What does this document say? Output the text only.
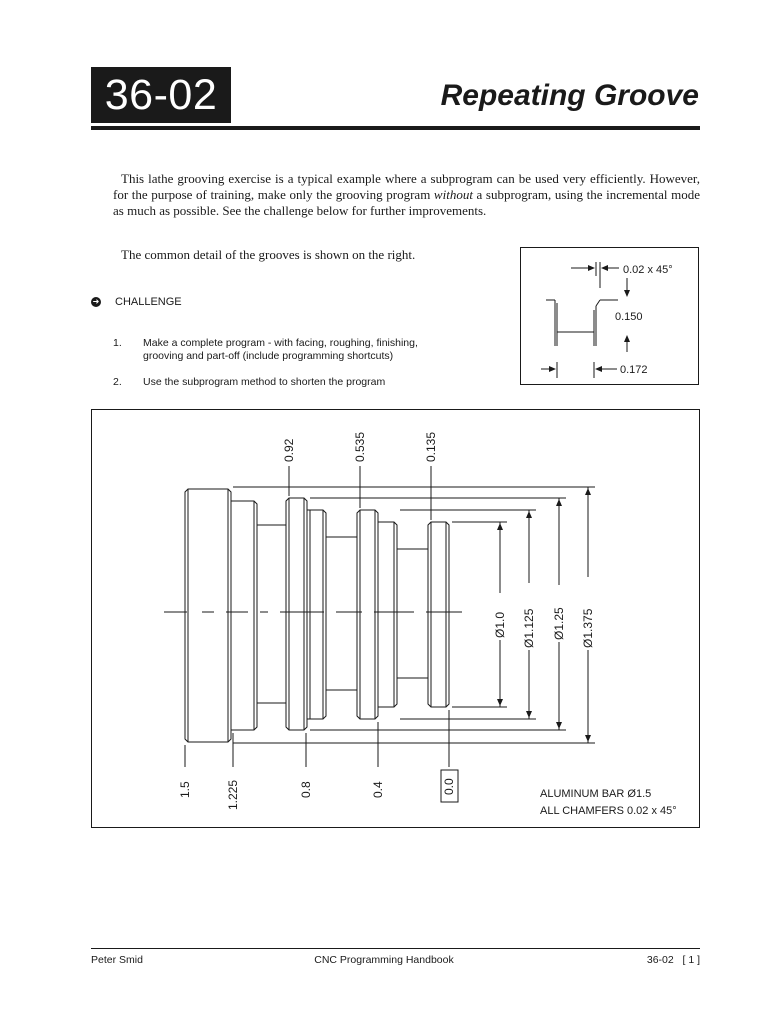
36-02	Repeating Groove
This lathe grooving exercise is a typical example where a subprogram can be used very efficiently. However, for the purpose of training, make only the grooving program without a subprogram, using the incremental mode as much as possible. See the challenge below for further improvements.
The common detail of the grooves is shown on the right.
➜ CHALLENGE
1.	Make a complete program - with facing, roughing, finishing,
grooving and part-off (include programming shortcuts)
2.	Use the subprogram method to shorten the program
0.02 x 45°
0.150
0.172
0.92	0.535	0.135
1.5	1.225	0.8	0.4	0.0
Ø1.0 Ø1.125 Ø1.25 Ø1.375
ALUMINUM BAR Ø1.5
ALL CHAMFERS 0.02 x 45°
Peter Smid	CNC Programming Handbook	36-02   [ 1 ]
